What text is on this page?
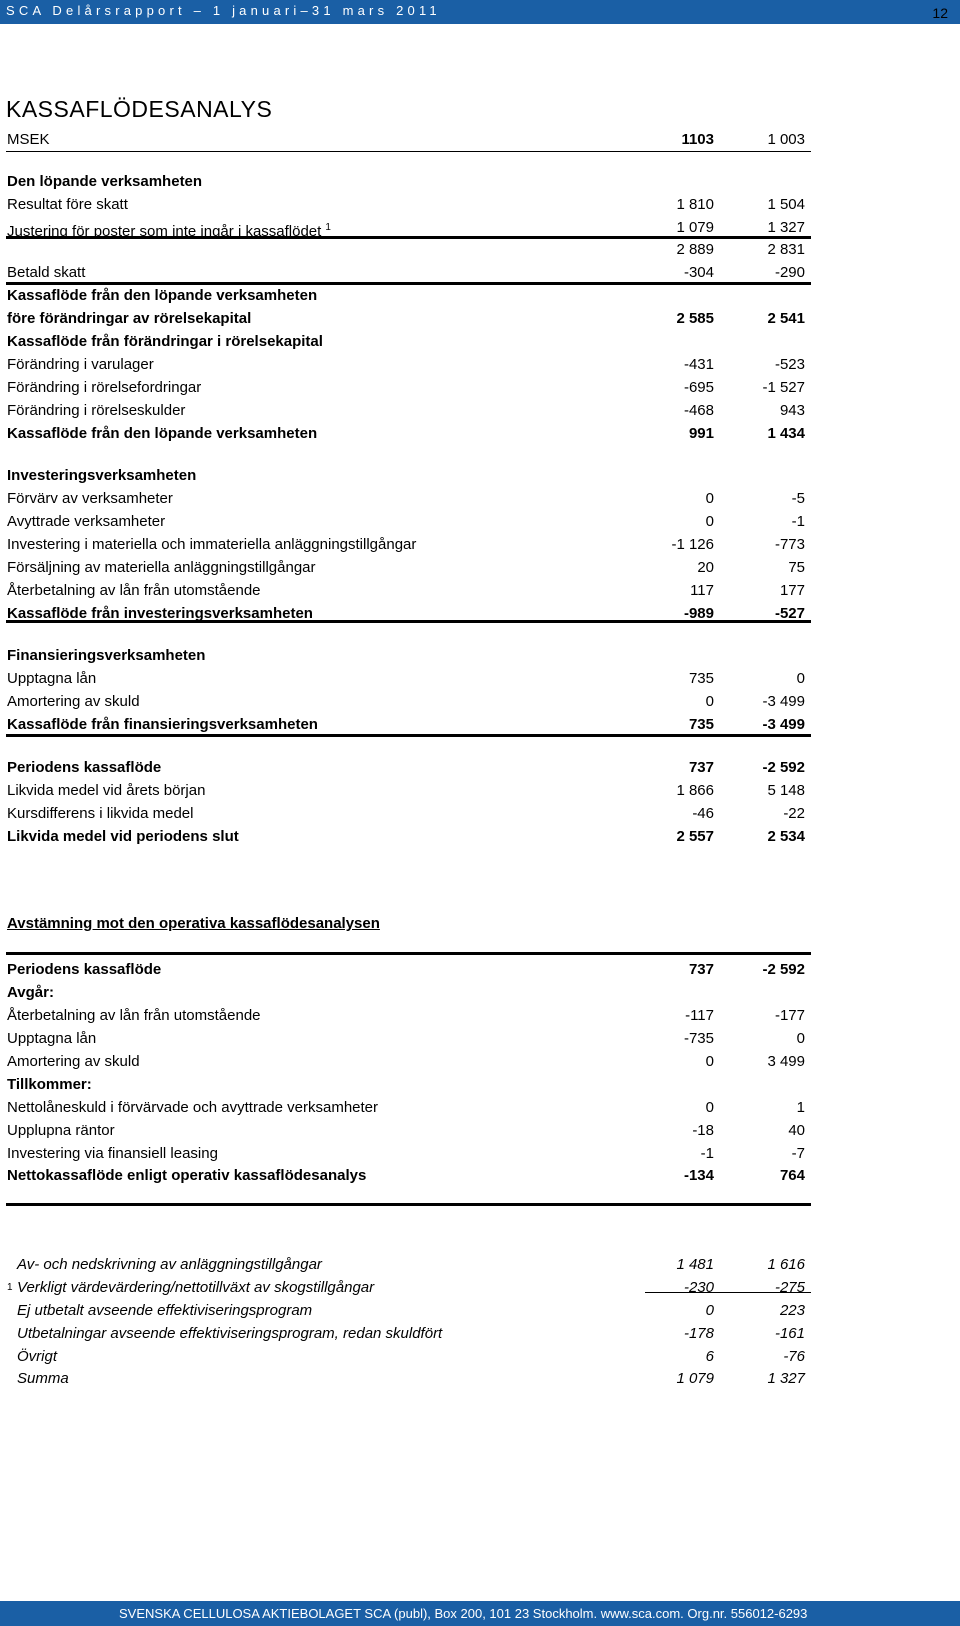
SCA Delårsrapport – 1 januari–31 mars 2011	12
KASSAFLÖDESANALYS
MSEK	1103	1 003
Den löpande verksamheten
Resultat före skatt	1 810	1 504
Justering för poster som inte ingår i kassaflödet $^1$	1 079	1 327
2 889	2 831
Betald skatt	-304	-290
Kassaflöde från den löpande verksamheten
före förändringar av rörelsekapital	2 585	2 541
Kassaflöde från förändringar i rörelsekapital
Förändring i varulager	-431	-523
Förändring i rörelsefordringar	-695	-1 527
Förändring i rörelseskulder	-468	943
Kassaflöde från den löpande verksamheten	991	1 434
Investeringsverksamheten
Förvärv av verksamheter	0	-5
Avyttrade verksamheter	0	-1
Investering i materiella och immateriella anläggningstillgångar	-1 126	-773
Försäljning av materiella anläggningstillgångar	20	75
Återbetalning av lån från utomstående	117	177
Kassaflöde från investeringsverksamheten	-989	-527
Finansieringsverksamheten
Upptagna lån	735	0
Amortering av skuld	0	-3 499
Kassaflöde från finansieringsverksamheten	735	-3 499
Periodens kassaflöde	737	-2 592
Likvida medel vid årets början	1 866	5 148
Kursdifferens i likvida medel	-46	-22
Likvida medel vid periodens slut	2 557	2 534
Avstämning mot den operativa kassaflödesanalysen
Periodens kassaflöde	737	-2 592
Avgår:
Återbetalning av lån från utomstående	-117	-177
Upptagna lån	-735	0
Amortering av skuld	0	3 499
Tillkommer:
Nettolåneskuld i förvärvade och avyttrade verksamheter	0	1
Upplupna räntor	-18	40
Investering via finansiell leasing	-1	-7
Nettokassaflöde enligt operativ kassaflödesanalys	-134	764
Av- och nedskrivning av anläggningstillgångar	1 481	1 616
Verkligt värdevärdering/nettotillväxt av skogstillgångar	-230	-275
Ej utbetalt avseende effektiviseringsprogram	0	223
Utbetalningar avseende effektiviseringsprogram, redan skuldfört	-178	-161
Övrigt	6	-76
Summa	1 079	1 327
1
SVENSKA CELLULOSA AKTIEBOLAGET SCA (publ), Box 200, 101 23 Stockholm. www.sca.com. Org.nr. 556012-6293
